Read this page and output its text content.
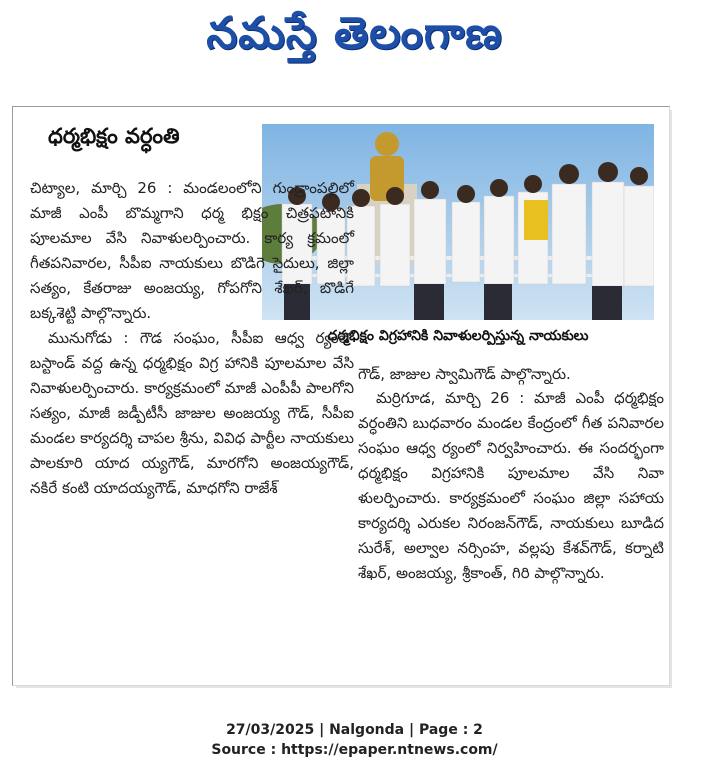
నమస్తే తెలంగాణ
ధర్మభిక్షం వర్ధంతి
ధర్మభిక్షం విగ్రహానికి నివాళులర్పిస్తున్న నాయకులు

చిట్యాల, మార్చి 26 : మండలంలోని గుండ్రాంపల్లిలో మాజీ ఎంపీ బొమ్మగాని ధర్మ భిక్షం చిత్రపటానికి పూలమాల వేసి నివాళులర్పించారు. కార్య క్రమంలో గీతపనివారల, సీపీఐ నాయకులు బొడిగె సైదులు, జిల్లా సత్యం, కేతరాజు అంజయ్య, గోపగోని శేఖర్, బొడిగే బక్కశెట్టి పాల్గొన్నారు.

మునుగోడు : గౌడ సంఘం, సీపీఐ ఆధ్వ ర్యంలో బస్టాండ్ వద్ద ఉన్న ధర్మభిక్షం విగ్ర హానికి పూలమాల వేసి నివాళులర్పించారు. కార్యక్రమంలో మాజీ ఎంపీపీ పాలగోని సత్యం, మాజీ జడ్పీటీసీ జాజుల అంజయ్య గౌడ్, సీపీఐ మండల కార్యదర్శి చాపల శ్రీను, వివిధ పార్టీల నాయకులు పాలకూరి యాద య్యగౌడ్, మారగోని అంజయ్యగౌడ్, నకిరే కంటి యాదయ్యగౌడ్, మాధగోని రాజేశ్

గౌడ్, జాజుల స్వామిగౌడ్ పాల్గొన్నారు.

మర్రిగూడ, మార్చి 26 : మాజీ ఎంపీ ధర్మభిక్షం వర్ధంతిని బుధవారం మండల కేంద్రంలో గీత పనివారల సంఘం ఆధ్వ ర్యంలో నిర్వహించారు. ఈ సందర్భంగా ధర్మభిక్షం విగ్రహానికి పూలమాల వేసి నివా ళులర్పించారు. కార్యక్రమంలో సంఘం జిల్లా సహాయ కార్యదర్శి ఎరుకల నిరంజన్‌గౌడ్, నాయకులు బూడిద సురేశ్, అల్వాల నర్సింహ, వల్లపు కేశవ్‌గౌడ్, కర్నాటి శేఖర్, అంజయ్య, శ్రీకాంత్, గిరి పాల్గొన్నారు.

27/03/2025 | Nalgonda | Page : 2
Source : https://epaper.ntnews.com/
